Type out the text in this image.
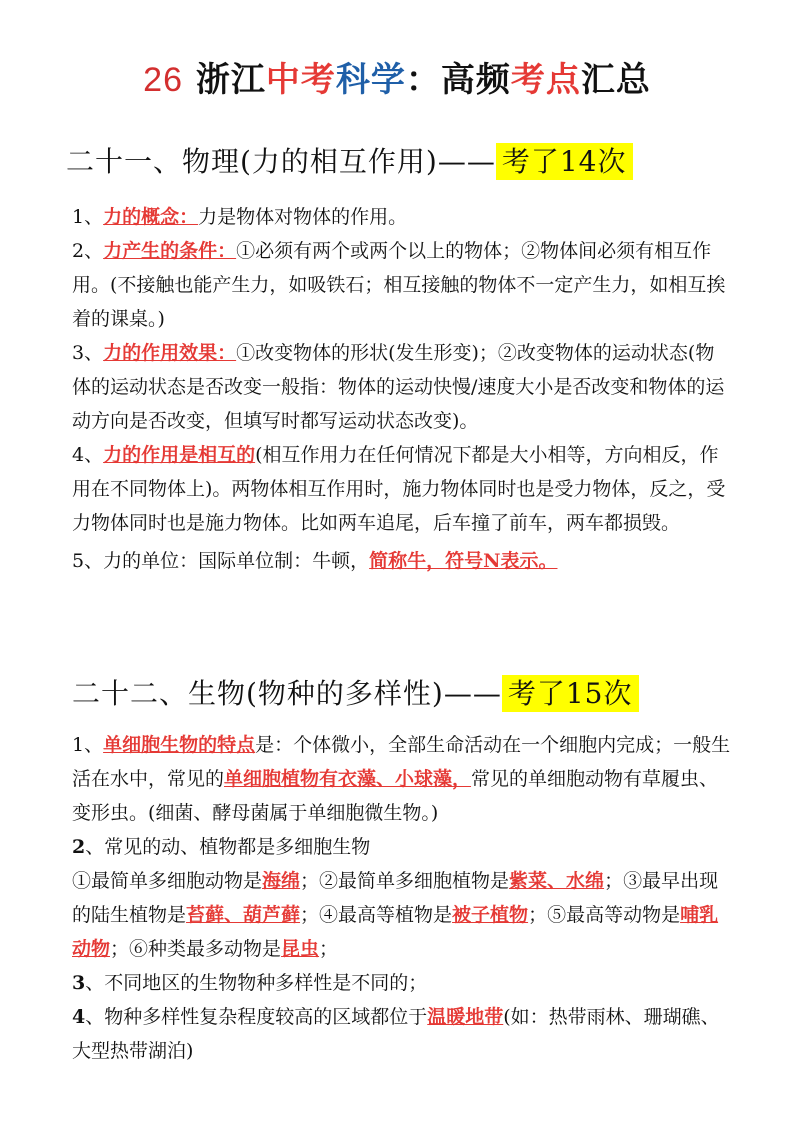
26 浙江中考科学：高频考点汇总
二十一、物理(力的相互作用)—— 考了14次

1、力的概念：力是物体对物体的作用。

2、力产生的条件：①必须有两个或两个以上的物体；②物体间必须有相互作用。(不接触也能产生力，如吸铁石；相互接触的物体不一定产生力，如相互挨着的课桌。)

3、力的作用效果：①改变物体的形状(发生形变)；②改变物体的运动状态(物体的运动状态是否改变一般指：物体的运动快慢/速度大小是否改变和物体的运动方向是否改变，但填写时都写运动状态改变)。

4、力的作用是相互的(相互作用力在任何情况下都是大小相等，方向相反，作用在不同物体上)。两物体相互作用时，施力物体同时也是受力物体，反之，受力物体同时也是施力物体。比如两车追尾，后车撞了前车，两车都损毁。

5、力的单位：国际单位制：牛顿，简称牛，符号N表示。

二十二、生物(物种的多样性)—— 考了15次

1、单细胞生物的特点是：个体微小，全部生命活动在一个细胞内完成；一般生活在水中，常见的单细胞植物有衣藻、小球藻，常见的单细胞动物有草履虫、变形虫。(细菌、酵母菌属于单细胞微生物。)

2、常见的动、植物都是多细胞生物

①最简单多细胞动物是海绵；②最简单多细胞植物是紫菜、水绵；③最早出现的陆生植物是苔藓、葫芦藓；④最高等植物是被子植物；⑤最高等动物是哺乳动物；⑥种类最多动物是昆虫；

3、不同地区的生物物种多样性是不同的；

4、物种多样性复杂程度较高的区域都位于温暖地带(如：热带雨林、珊瑚礁、大型热带湖泊)
